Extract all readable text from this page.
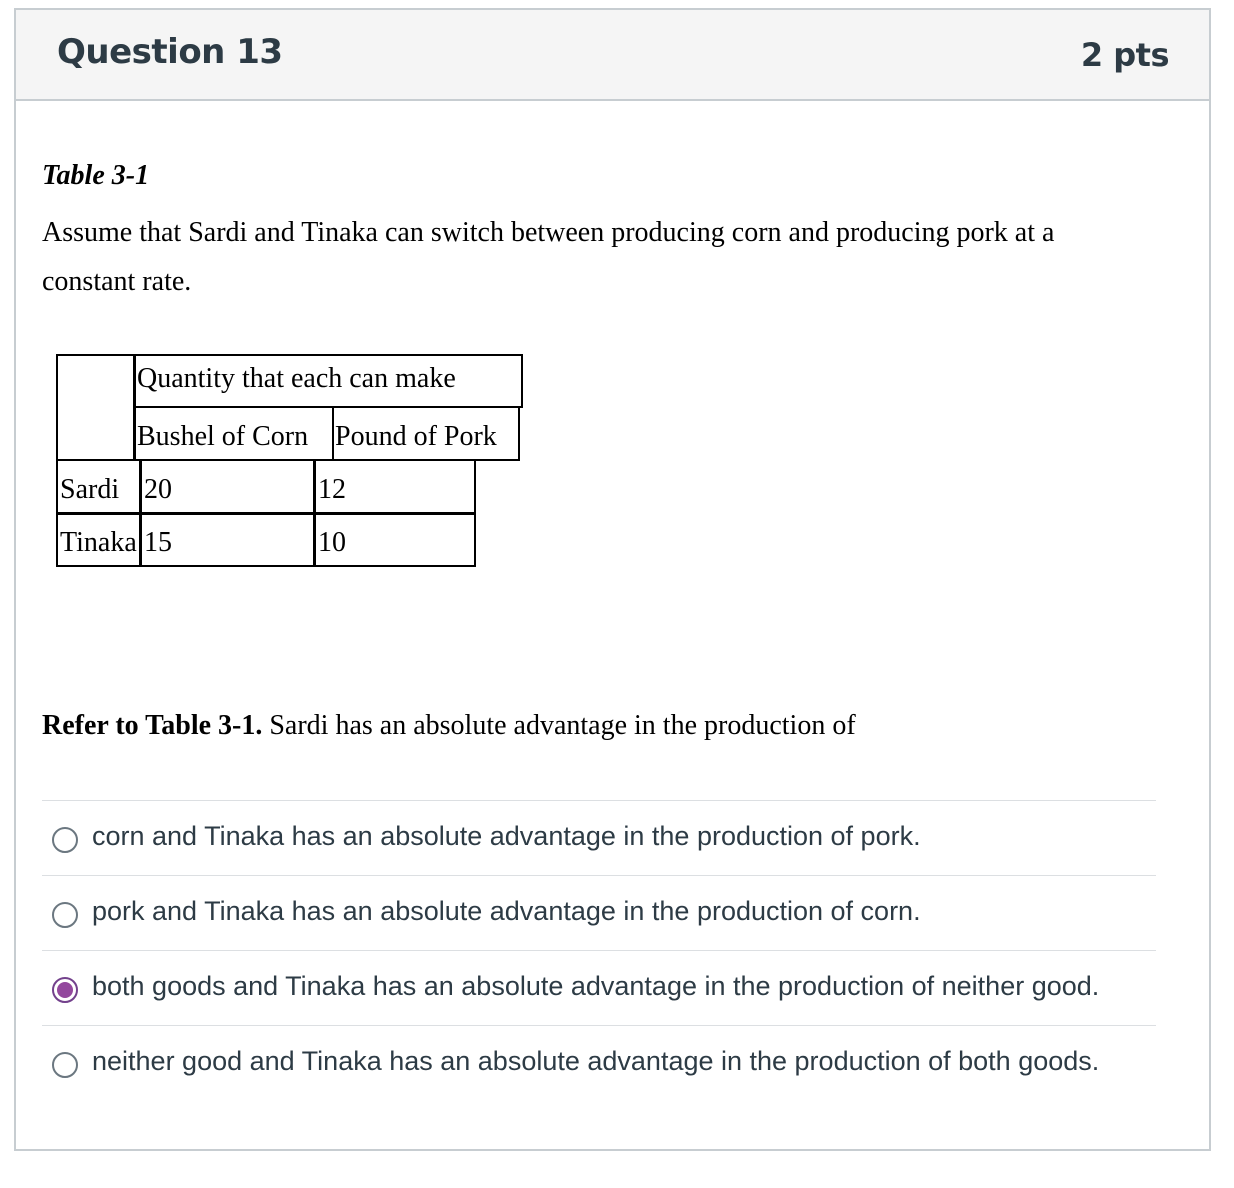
Question 13	2 pts
Table 3-1
Assume that Sardi and Tinaka can switch between producing corn and producing pork at a constant rate.
Quantity that each can make
Bushel of Corn Pound of Pork
Sardi 20	12
Tinaka 15	10
Refer to Table 3-1. Sardi has an absolute advantage in the production of
corn and Tinaka has an absolute advantage in the production of pork.
pork and Tinaka has an absolute advantage in the production of corn.
both goods and Tinaka has an absolute advantage in the production of neither good.
neither good and Tinaka has an absolute advantage in the production of both goods.
